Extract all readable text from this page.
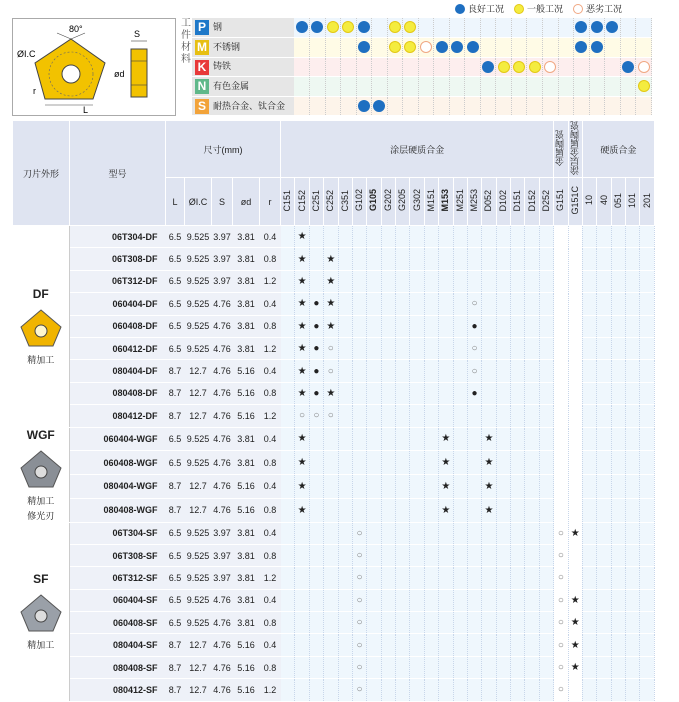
良好工况	一般工况	恶劣工况
80°
ØI.C
r
L
S
ød
工
件
材
料
P 钢																							
M 不锈钢																							
K 铸铁																							
N 有色金属																							
S 耐热合金、钛合金																							
刀片外形	型号	尺寸(mm)					涂层硬质合金																			金属陶瓷	涂层金属陶瓷	硬质合金				
		L	ØI.C	S	ød	r	C151	C152	C251	C252	C351	G102	G105	G202	G205	G302	M151	M153	M251	M253	D052	D102	D151	D152	D252	G151	G151C	10	40	051	101	201

DF
精加工	06T304-DF	6.5	9.525	3.97	3.81	0.4		★																								
	06T308-DF	6.5	9.525	3.97	3.81	0.8		★		★																						
	06T312-DF	6.5	9.525	3.97	3.81	1.2		★		★																						
	060404-DF	6.5	9.525	4.76	3.81	0.4		★	●	★										○												
	060408-DF	6.5	9.525	4.76	3.81	0.8		★	●	★										●												
	060412-DF	6.5	9.525	4.76	3.81	1.2		★	●	○										○												
	080404-DF	8.7	12.7	4.76	5.16	0.4		★	●	○										○												
	080408-DF	8.7	12.7	4.76	5.16	0.8		★	●	★										●												
	080412-DF	8.7	12.7	4.76	5.16	1.2		○	○	○																						

WGF
精加工
修光刃	060404-WGF	6.5	9.525	4.76	3.81	0.4		★										★			★											
	060408-WGF	6.5	9.525	4.76	3.81	0.8		★										★			★											
	080404-WGF	8.7	12.7	4.76	5.16	0.4		★										★			★											
	080408-WGF	8.7	12.7	4.76	5.16	0.8		★										★			★											

SF
精加工	06T304-SF	6.5	9.525	3.97	3.81	0.4						○														○	★					
	06T308-SF	6.5	9.525	3.97	3.81	0.8						○														○						
	06T312-SF	6.5	9.525	3.97	3.81	1.2						○														○						
	060404-SF	6.5	9.525	4.76	3.81	0.4						○														○	★					
	060408-SF	6.5	9.525	4.76	3.81	0.8						○														○	★					
	080404-SF	8.7	12.7	4.76	5.16	0.4						○														○	★					
	080408-SF	8.7	12.7	4.76	5.16	0.8						○														○	★					
	080412-SF	8.7	12.7	4.76	5.16	1.2						○														○						
